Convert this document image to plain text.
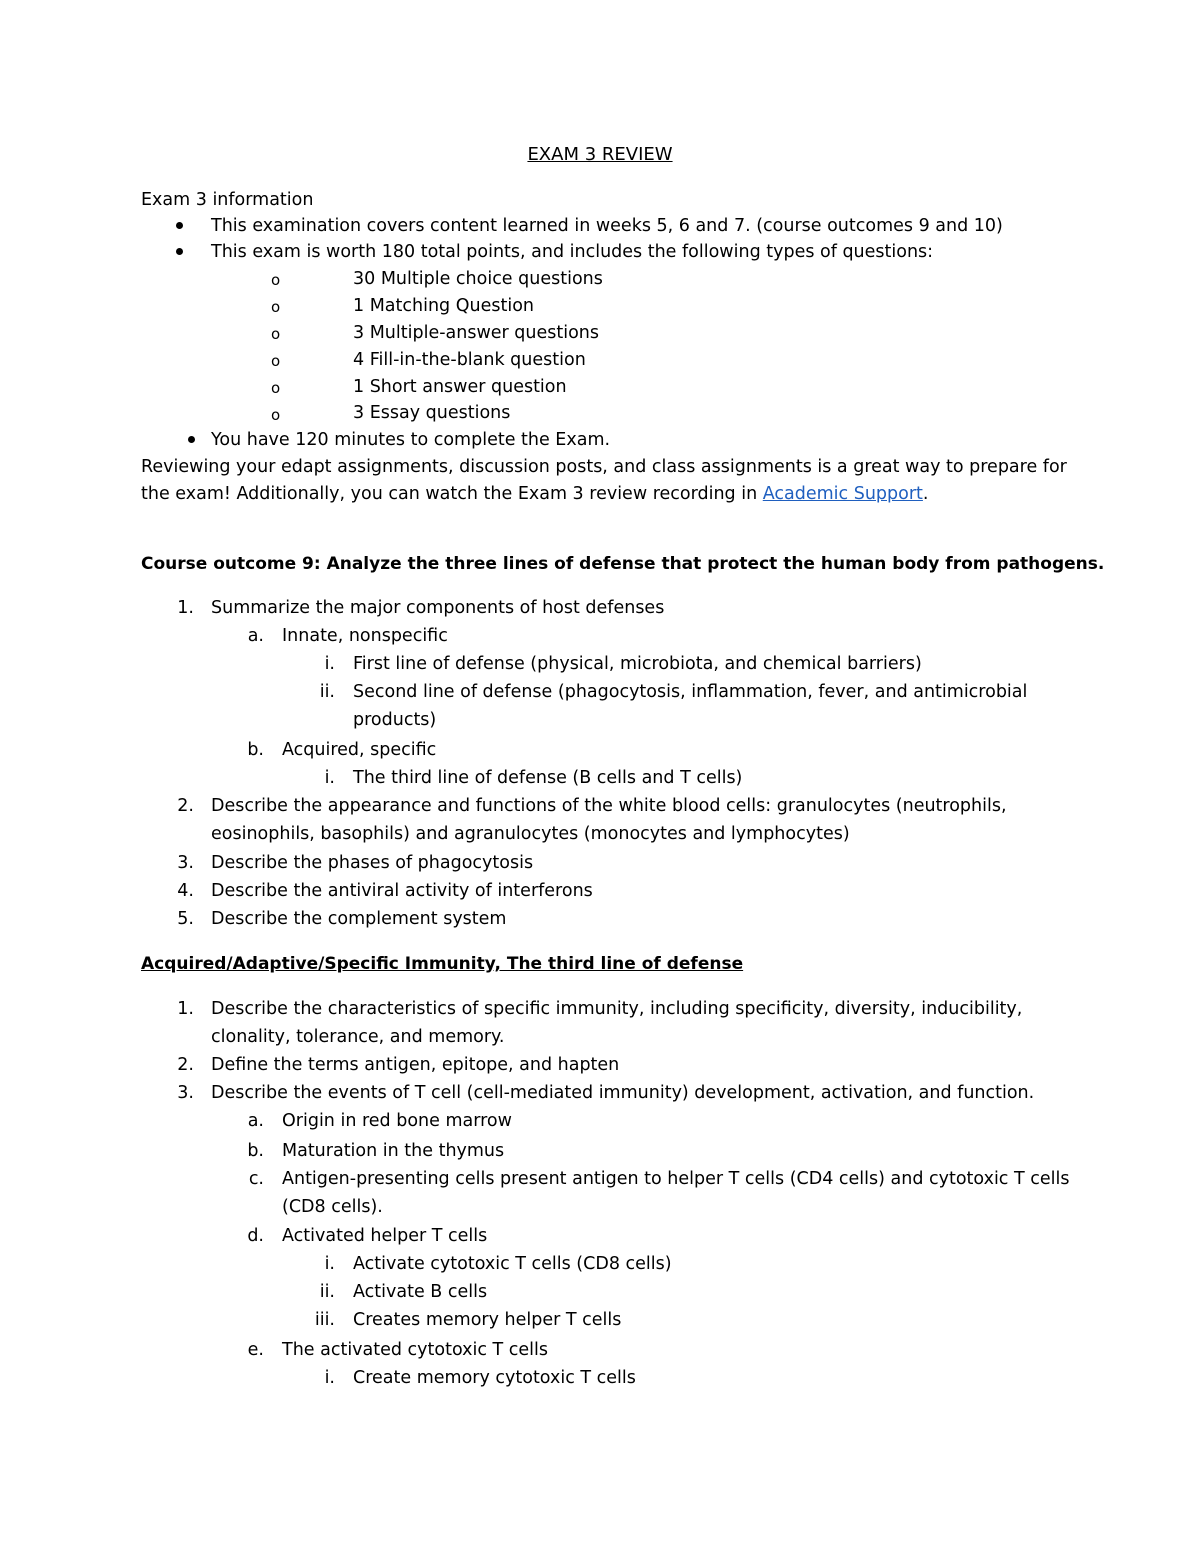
EXAM 3 REVIEW
Exam 3 information
This examination covers content learned in weeks 5, 6 and 7. (course outcomes 9 and 10)
This exam is worth 180 total points, and includes the following types of questions:
o	30 Multiple choice questions
o	1 Matching Question
o	3 Multiple-answer questions
o	4 Fill-in-the-blank question
o	1 Short answer question
o	3 Essay questions
You have 120 minutes to complete the Exam.
Reviewing your edapt assignments, discussion posts, and class assignments is a great way to prepare for
the exam! Additionally, you can watch the Exam 3 review recording in Academic Support.
Course outcome 9: Analyze the three lines of defense that protect the human body from pathogens.
1. Summarize the major components of host defenses
a. Innate, nonspecific
i. First line of defense (physical, microbiota, and chemical barriers)
ii. Second line of defense (phagocytosis, inflammation, fever, and antimicrobial
products)
b. Acquired, specific
i. The third line of defense (B cells and T cells)
2. Describe the appearance and functions of the white blood cells: granulocytes (neutrophils,
eosinophils, basophils) and agranulocytes (monocytes and lymphocytes)
3. Describe the phases of phagocytosis
4. Describe the antiviral activity of interferons
5. Describe the complement system
Acquired/Adaptive/Specific Immunity, The third line of defense
1. Describe the characteristics of specific immunity, including specificity, diversity, inducibility,
clonality, tolerance, and memory.
2. Define the terms antigen, epitope, and hapten
3. Describe the events of T cell (cell-mediated immunity) development, activation, and function.
a. Origin in red bone marrow
b. Maturation in the thymus
c. Antigen-presenting cells present antigen to helper T cells (CD4 cells) and cytotoxic T cells
(CD8 cells).
d. Activated helper T cells
i. Activate cytotoxic T cells (CD8 cells)
ii. Activate B cells
iii. Creates memory helper T cells
e. The activated cytotoxic T cells
i. Create memory cytotoxic T cells
